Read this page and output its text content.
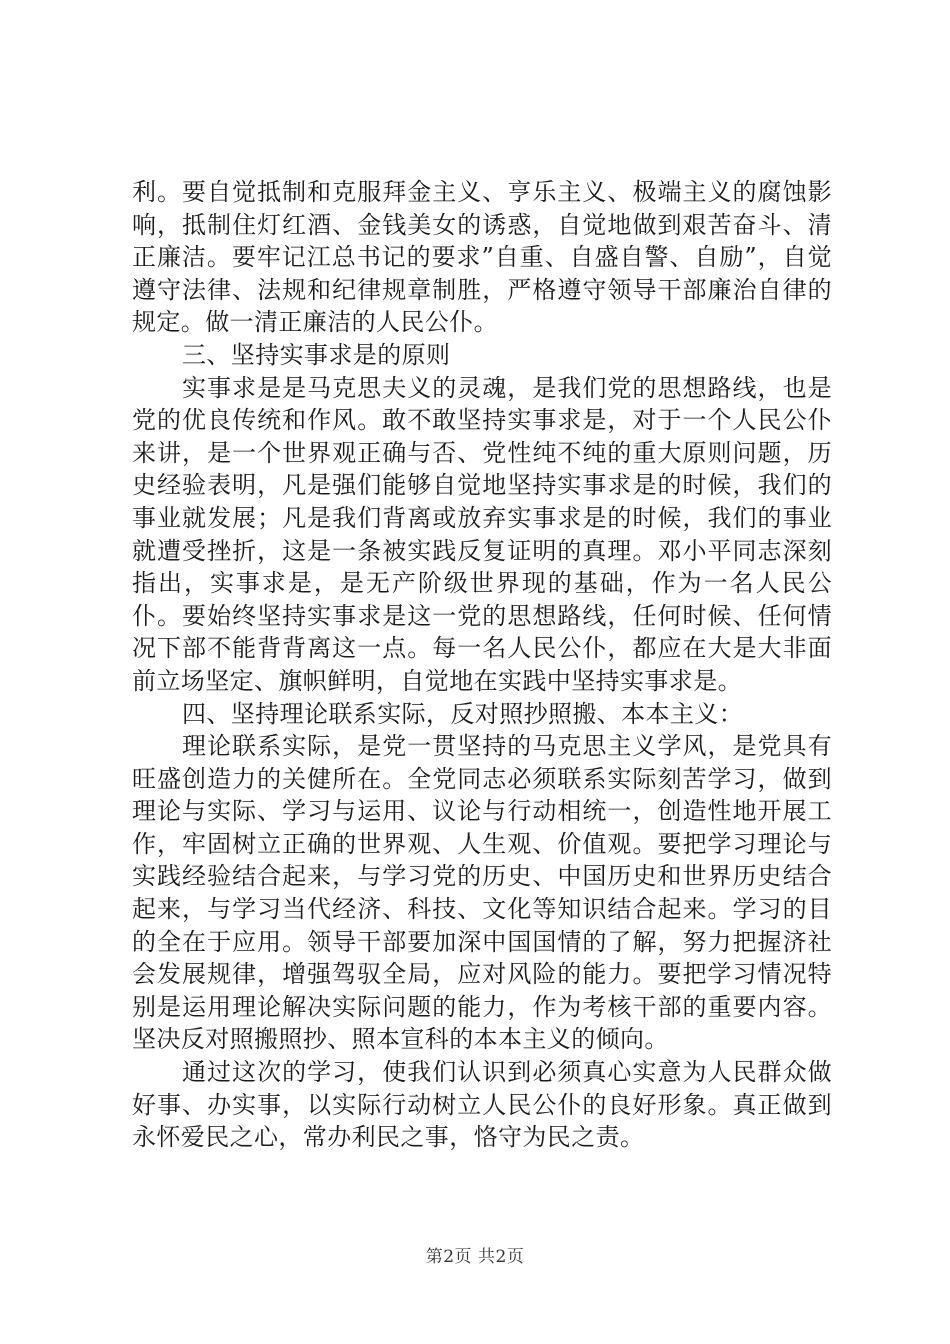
利。要自觉抵制和克服拜金主义、亨乐主义、极端主义的腐蚀影响，抵制住灯红酒、金钱美女的诱惑，自觉地做到艰苦奋斗、清正廉洁。要牢记江总书记的要求”自重、自盛自警、自励”，自觉遵守法律、法规和纪律规章制胜，严格遵守领导干部廉治自律的规定。做一清正廉洁的人民公仆。

三、坚持实事求是的原则

实事求是是马克思夫义的灵魂，是我们党的思想路线，也是党的优良传统和作风。敢不敢坚持实事求是，对于一个人民公仆来讲，是一个世界观正确与否、党性纯不纯的重大原则问题，历史经验表明，凡是强们能够自觉地坚持实事求是的时候，我们的事业就发展；凡是我们背离或放弃实事求是的时候，我们的事业就遭受挫折，这是一条被实践反复证明的真理。邓小平同志深刻指出，实事求是，是无产阶级世界现的基础，作为一名人民公仆。要始终坚持实事求是这一党的思想路线，任何时候、任何情况下部不能背背离这一点。每一名人民公仆，都应在大是大非面前立场坚定、旗帜鲜明，自觉地在实践中坚持实事求是。

四、坚持理论联系实际，反对照抄照搬、本本主义：

理论联系实际，是党一贯坚持的马克思主义学风，是党具有旺盛创造力的关健所在。全党同志必须联系实际刻苦学习，做到理论与实际、学习与运用、议论与行动相统一，创造性地开展工作，牢固树立正确的世界观、人生观、价值观。要把学习理论与实践经验结合起来，与学习党的历史、中国历史和世界历史结合起来，与学习当代经济、科技、文化等知识结合起来。学习的目的全在于应用。领导干部要加深中国国情的了解，努力把握济社会发展规律，增强驾驭全局，应对风险的能力。要把学习情况特别是运用理论解决实际问题的能力，作为考核干部的重要内容。坚决反对照搬照抄、照本宣科的本本主义的倾向。

通过这次的学习，使我们认识到必须真心实意为人民群众做好事、办实事，以实际行动树立人民公仆的良好形象。真正做到永怀爱民之心，常办利民之事，恪守为民之责。

第2页 共2页
